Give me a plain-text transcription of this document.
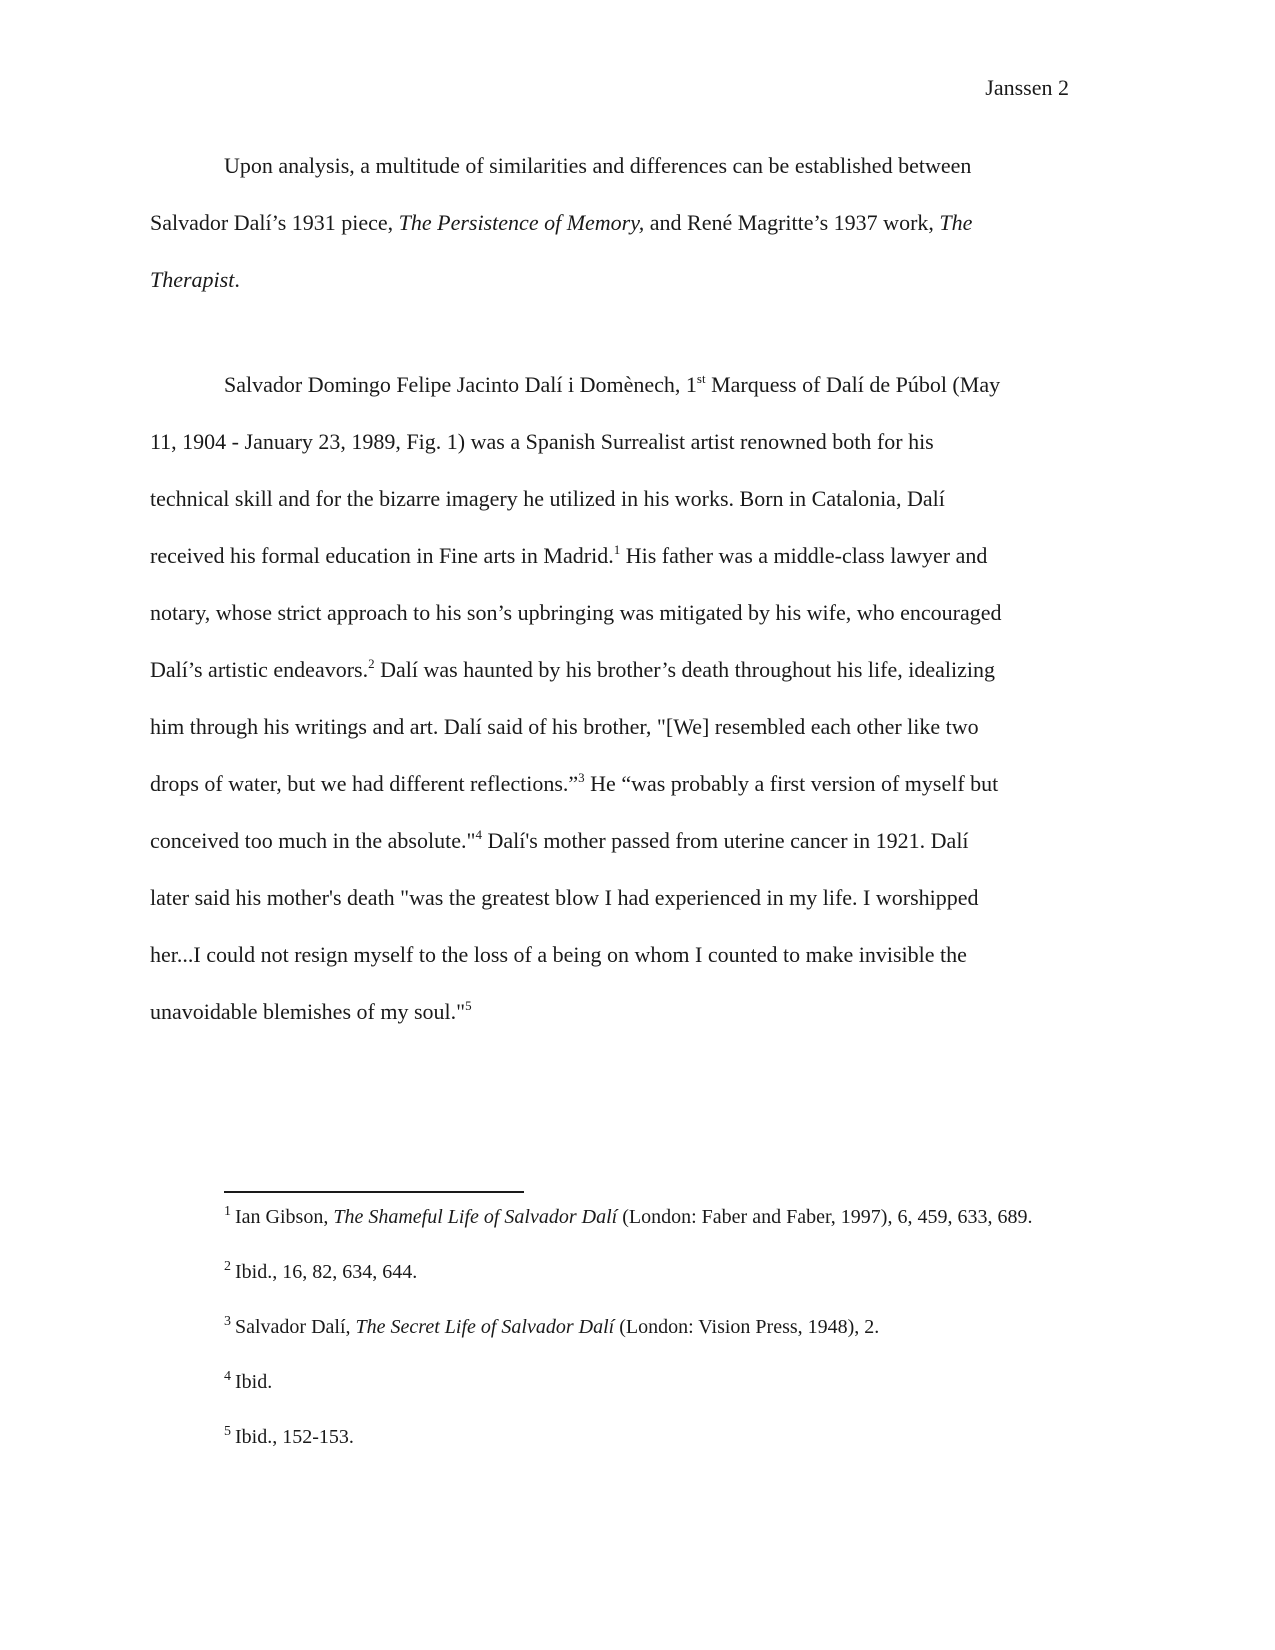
Janssen 2

Upon analysis, a multitude of similarities and differences can be established between
Salvador Dalí’s 1931 piece, The Persistence of Memory, and René Magritte’s 1937 work, The
Therapist.

Salvador Domingo Felipe Jacinto Dalí i Domènech, 1st Marquess of Dalí de Púbol (May
11, 1904 - January 23, 1989, Fig. 1) was a Spanish Surrealist artist renowned both for his
technical skill and for the bizarre imagery he utilized in his works. Born in Catalonia, Dalí
received his formal education in Fine arts in Madrid.$^1$ His father was a middle-class lawyer and
notary, whose strict approach to his son’s upbringing was mitigated by his wife, who encouraged
Dalí’s artistic endeavors.$^2$ Dalí was haunted by his brother’s death throughout his life, idealizing
him through his writings and art. Dalí said of his brother, "[We] resembled each other like two
drops of water, but we had different reflections.”$^3$ He “was probably a first version of myself but
conceived too much in the absolute."$^4$ Dalí's mother passed from uterine cancer in 1921. Dalí
later said his mother's death "was the greatest blow I had experienced in my life. I worshipped
her...I could not resign myself to the loss of a being on whom I counted to make invisible the
unavoidable blemishes of my soul."$^5$

$^1$ Ian Gibson, The Shameful Life of Salvador Dalí (London: Faber and Faber, 1997), 6, 459, 633, 689.
$^2$ Ibid., 16, 82, 634, 644.
$^3$ Salvador Dalí, The Secret Life of Salvador Dalí (London: Vision Press, 1948), 2.
$^4$ Ibid.
$^5$ Ibid., 152-153.
